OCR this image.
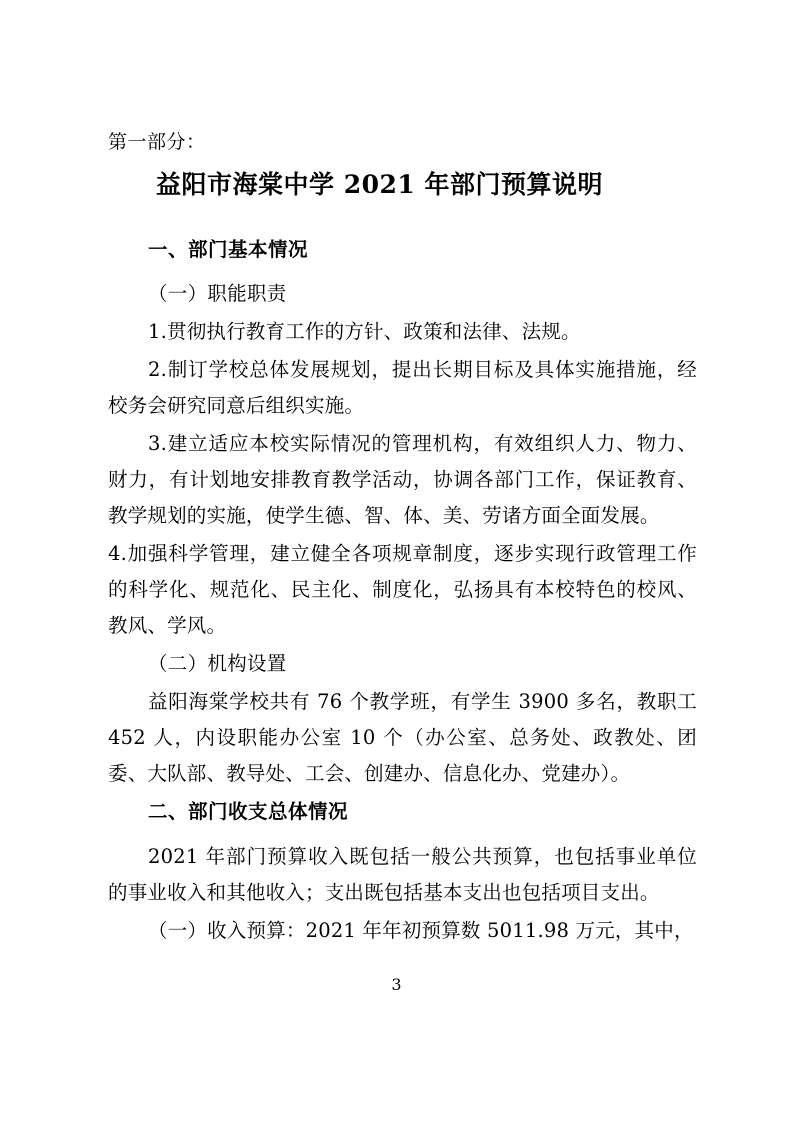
第一部分：
益阳市海棠中学 2021 年部门预算说明
一、部门基本情况
（一）职能职责
1.贯彻执行教育工作的方针、政策和法律、法规。
2.制订学校总体发展规划，提出长期目标及具体实施措施，经校务会研究同意后组织实施。
3.建立适应本校实际情况的管理机构，有效组织人力、物力、财力，有计划地安排教育教学活动，协调各部门工作，保证教育、教学规划的实施，使学生德、智、体、美、劳诸方面全面发展。
4.加强科学管理，建立健全各项规章制度，逐步实现行政管理工作的科学化、规范化、民主化、制度化，弘扬具有本校特色的校风、教风、学风。
（二）机构设置
益阳海棠学校共有 76 个教学班，有学生 3900 多名，教职工 452 人，内设职能办公室 10 个（办公室、总务处、政教处、团委、大队部、教导处、工会、创建办、信息化办、党建办）。
二、部门收支总体情况
2021 年部门预算收入既包括一般公共预算，也包括事业单位的事业收入和其他收入；支出既包括基本支出也包括项目支出。
（一）收入预算：2021 年年初预算数 5011.98 万元，其中，
3
